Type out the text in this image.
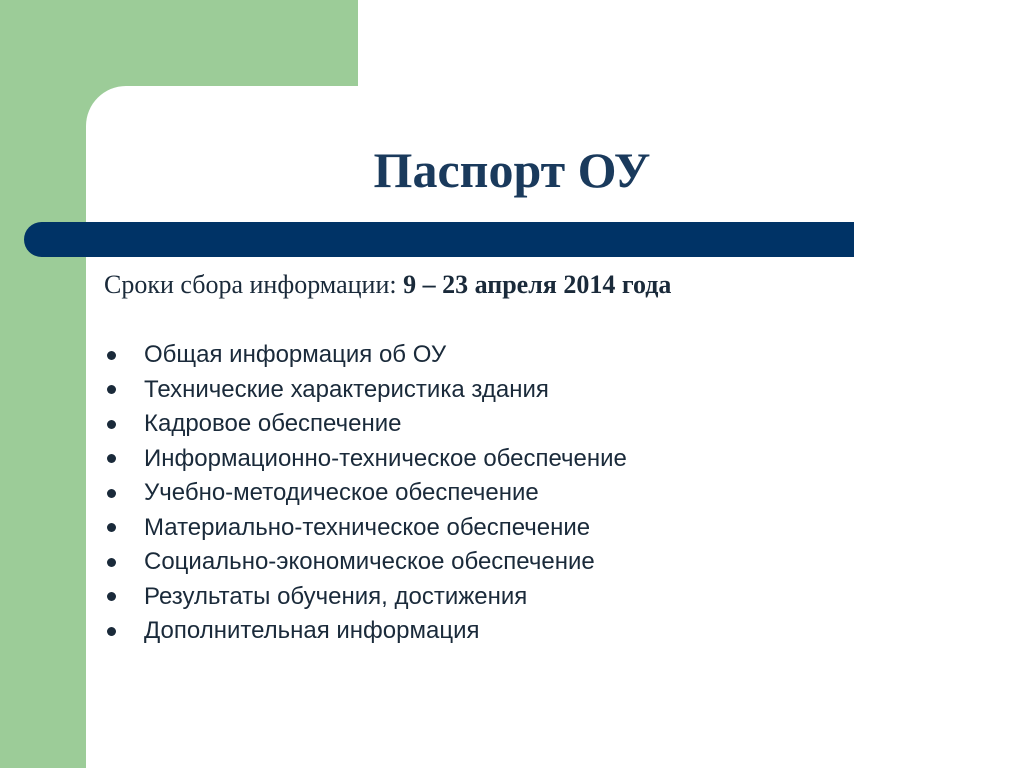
Паспорт ОУ
Сроки сбора информации: 9 – 23 апреля 2014 года
Общая информация об ОУ
Технические характеристика здания
Кадровое обеспечение
Информационно-техническое обеспечение
Учебно-методическое обеспечение
Материально-техническое обеспечение
Социально-экономическое обеспечение
Результаты обучения, достижения
Дополнительная информация
